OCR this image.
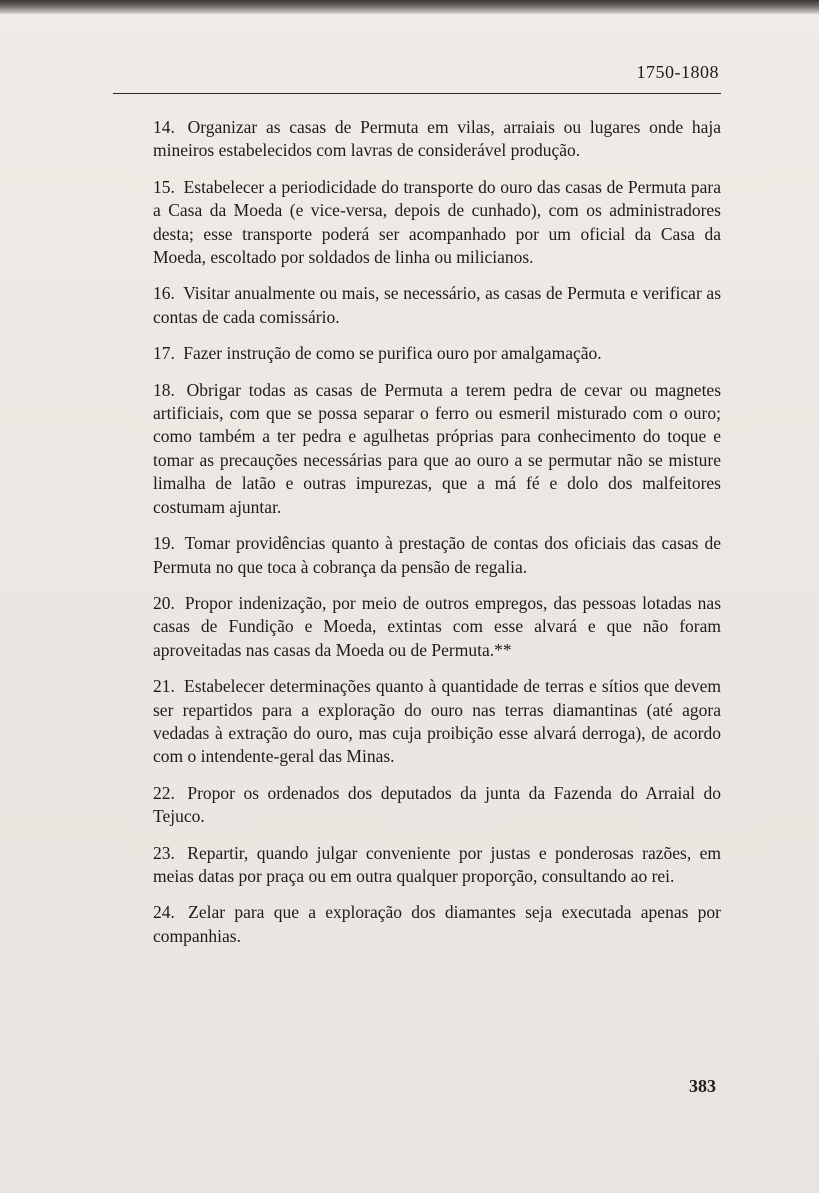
1750-1808

14. Organizar as casas de Permuta em vilas, arraiais ou lugares onde haja mineiros estabelecidos com lavras de considerável produção.

15. Estabelecer a periodicidade do transporte do ouro das casas de Permuta para a Casa da Moeda (e vice-versa, depois de cunhado), com os administradores desta; esse transporte poderá ser acompanhado por um oficial da Casa da Moeda, escoltado por soldados de linha ou milicianos.

16. Visitar anualmente ou mais, se necessário, as casas de Permuta e verificar as contas de cada comissário.

17. Fazer instrução de como se purifica ouro por amalgamação.

18. Obrigar todas as casas de Permuta a terem pedra de cevar ou magnetes artificiais, com que se possa separar o ferro ou esmeril misturado com o ouro; como também a ter pedra e agulhetas próprias para conhecimento do toque e tomar as precauções necessárias para que ao ouro a se permutar não se misture limalha de latão e outras impurezas, que a má fé e dolo dos malfeitores costumam ajuntar.

19. Tomar providências quanto à prestação de contas dos oficiais das casas de Permuta no que toca à cobrança da pensão de regalia.

20. Propor indenização, por meio de outros empregos, das pessoas lotadas nas casas de Fundição e Moeda, extintas com esse alvará e que não foram aproveitadas nas casas da Moeda ou de Permuta.**

21. Estabelecer determinações quanto à quantidade de terras e sítios que devem ser repartidos para a exploração do ouro nas terras diamantinas (até agora vedadas à extração do ouro, mas cuja proibição esse alvará derroga), de acordo com o intendente-geral das Minas.

22. Propor os ordenados dos deputados da junta da Fazenda do Arraial do Tejuco.

23. Repartir, quando julgar conveniente por justas e ponderosas razões, em meias datas por praça ou em outra qualquer proporção, consultando ao rei.

24. Zelar para que a exploração dos diamantes seja executada apenas por companhias.

383
